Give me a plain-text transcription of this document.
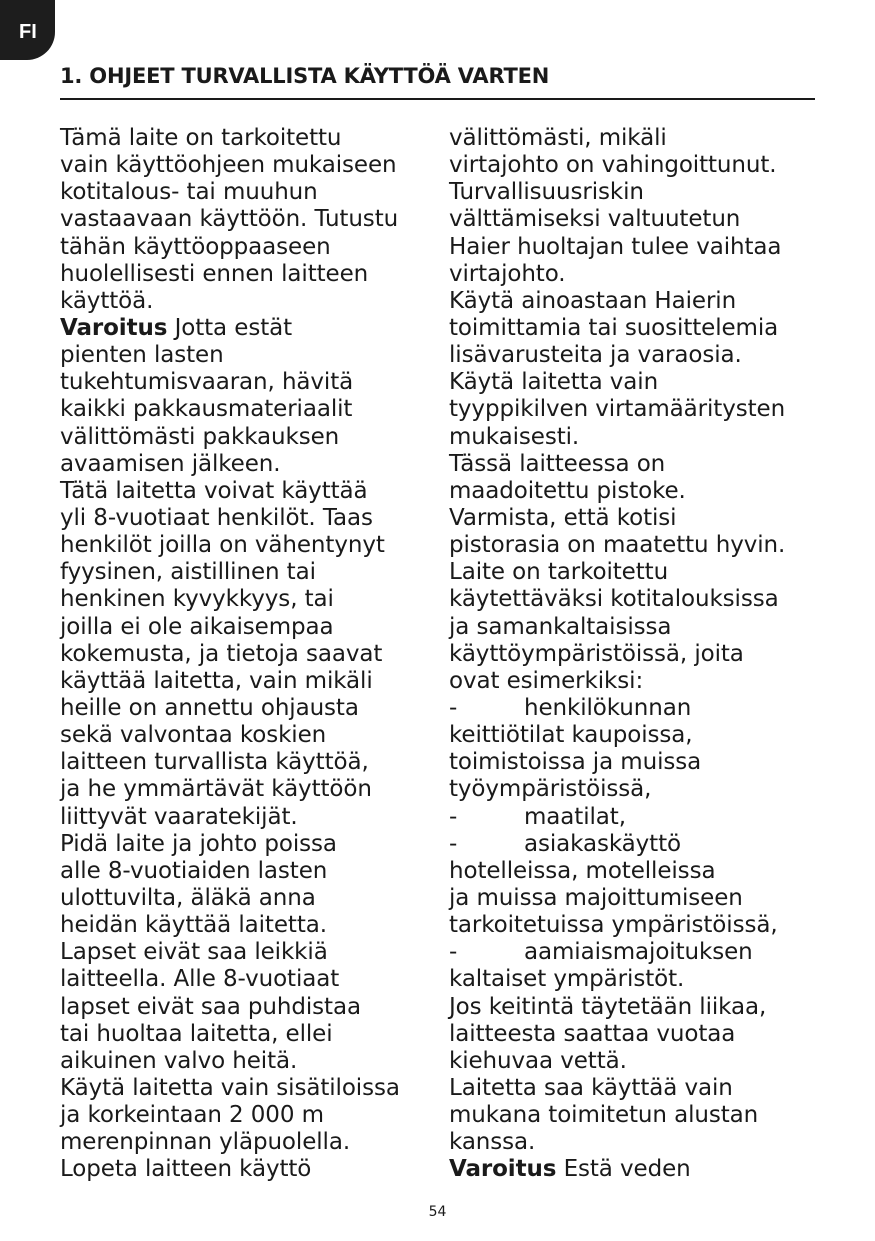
FI
1. OHJEET TURVALLISTA KÄYTTÖÄ VARTEN
Tämä laite on tarkoitettu
vain käyttöohjeen mukaiseen
kotitalous- tai muuhun
vastaavaan käyttöön. Tutustu
tähän käyttöoppaaseen
huolellisesti ennen laitteen
käyttöä.
Varoitus Jotta estät
pienten lasten
tukehtumisvaaran, hävitä
kaikki pakkausmateriaalit
välittömästi pakkauksen
avaamisen jälkeen.
Tätä laitetta voivat käyttää
yli 8-vuotiaat henkilöt. Taas
henkilöt joilla on vähentynyt
fyysinen, aistillinen tai
henkinen kyvykkyys, tai
joilla ei ole aikaisempaa
kokemusta, ja tietoja saavat
käyttää laitetta, vain mikäli
heille on annettu ohjausta
sekä valvontaa koskien
laitteen turvallista käyttöä,
ja he ymmärtävät käyttöön
liittyvät vaaratekijät.
Pidä laite ja johto poissa
alle 8-vuotiaiden lasten
ulottuvilta, äläkä anna
heidän käyttää laitetta.
Lapset eivät saa leikkiä
laitteella. Alle 8-vuotiaat
lapset eivät saa puhdistaa
tai huoltaa laitetta, ellei
aikuinen valvo heitä.
Käytä laitetta vain sisätiloissa
ja korkeintaan 2 000 m
merenpinnan yläpuolella.
Lopeta laitteen käyttö
välittömästi, mikäli
virtajohto on vahingoittunut.
Turvallisuusriskin
välttämiseksi valtuutetun
Haier huoltajan tulee vaihtaa
virtajohto.
Käytä ainoastaan Haierin
toimittamia tai suosittelemia
lisävarusteita ja varaosia.
Käytä laitetta vain
tyyppikilven virtamääritysten
mukaisesti.
Tässä laitteessa on
maadoitettu pistoke.
Varmista, että kotisi
pistorasia on maatettu hyvin.
Laite on tarkoitettu
käytettäväksi kotitalouksissa
ja samankaltaisissa
käyttöympäristöissä, joita
ovat esimerkiksi:
-	henkilökunnan
keittiötilat kaupoissa,
toimistoissa ja muissa
työympäristöissä,
-	maatilat,
-	asiakaskäyttö
hotelleissa, motelleissa
ja muissa majoittumiseen
tarkoitetuissa ympäristöissä,
-	aamiaismajoituksen
kaltaiset ympäristöt.
Jos keitintä täytetään liikaa,
laitteesta saattaa vuotaa
kiehuvaa vettä.
Laitetta saa käyttää vain
mukana toimitetun alustan
kanssa.
Varoitus Estä veden
54
